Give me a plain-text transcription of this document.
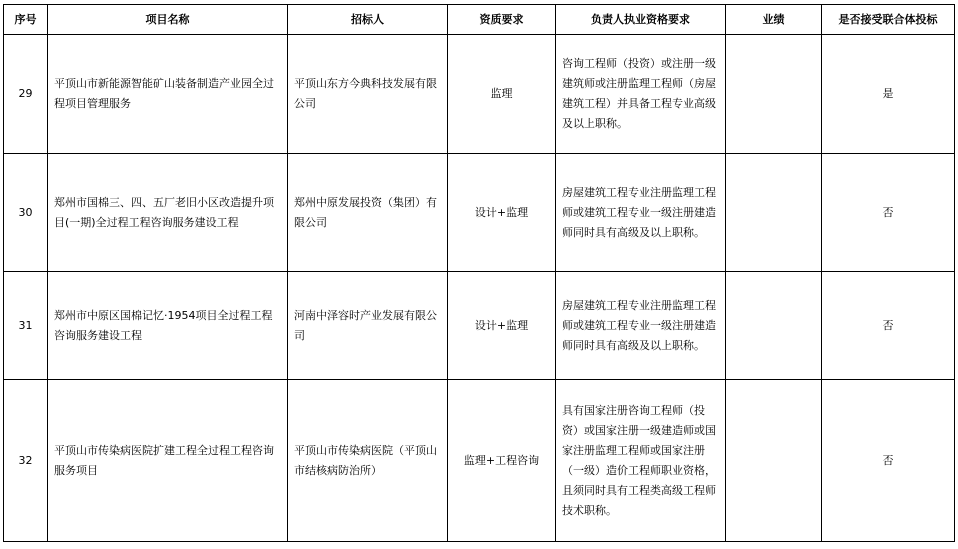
序号	项目名称	招标人	资质要求	负责人执业资格要求	业绩	是否接受联合体投标
29	平顶山市新能源智能矿山装备制造产业园全过程项目管理服务	平顶山东方今典科技发展有限公司	监理	咨询工程师（投资）或注册一级建筑师或注册监理工程师（房屋建筑工程）并具备工程专业高级及以上职称。		是
30	郑州市国棉三、四、五厂老旧小区改造提升项目(一期)全过程工程咨询服务建设工程	郑州中原发展投资（集团）有限公司	设计+监理	房屋建筑工程专业注册监理工程师或建筑工程专业一级注册建造师同时具有高级及以上职称。		否
31	郑州市中原区国棉记忆·1954项目全过程工程咨询服务建设工程	河南中泽容时产业发展有限公司	设计+监理	房屋建筑工程专业注册监理工程师或建筑工程专业一级注册建造师同时具有高级及以上职称。		否
32	平顶山市传染病医院扩建工程全过程工程咨询服务项目	平顶山市传染病医院（平顶山市结核病防治所）	监理+工程咨询	具有国家注册咨询工程师（投资）或国家注册一级建造师或国家注册监理工程师或国家注册（一级）造价工程师职业资格，且须同时具有工程类高级工程师技术职称。		否
